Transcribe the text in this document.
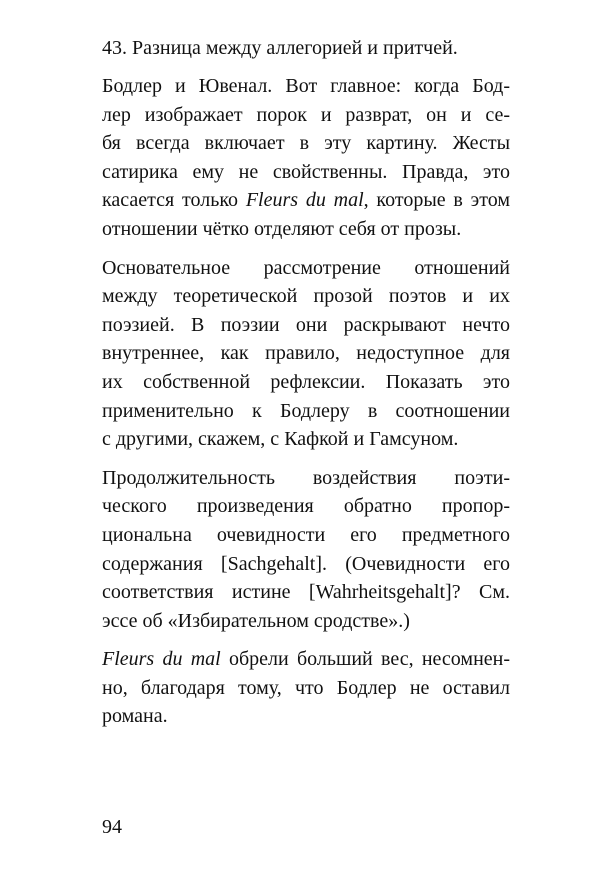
43. Разница между аллегорией и притчей.
Бодлер и Ювенал. Вот главное: когда Бод-
лер изображает порок и разврат, он и се-
бя всегда включает в эту картину. Жесты
сатирика ему не свойственны. Правда, это
касается только Fleurs du mal, которые в этом
отношении чётко отделяют себя от прозы.
Основательное рассмотрение отношений
между теоретической прозой поэтов и их
поэзией. В поэзии они раскрывают нечто
внутреннее, как правило, недоступное для
их собственной рефлексии. Показать это
применительно к Бодлеру в соотношении
с другими, скажем, с Кафкой и Гамсуном.
Продолжительность воздействия поэти-
ческого произведения обратно пропор-
циональна очевидности его предметного
содержания [Sachgehalt]. (Очевидности его
соответствия истине [Wahrheitsgehalt]? См.
эссе об «Избирательном сродстве».)
Fleurs du mal обрели больший вес, несомнен-
но, благодаря тому, что Бодлер не оставил
романа.
94
